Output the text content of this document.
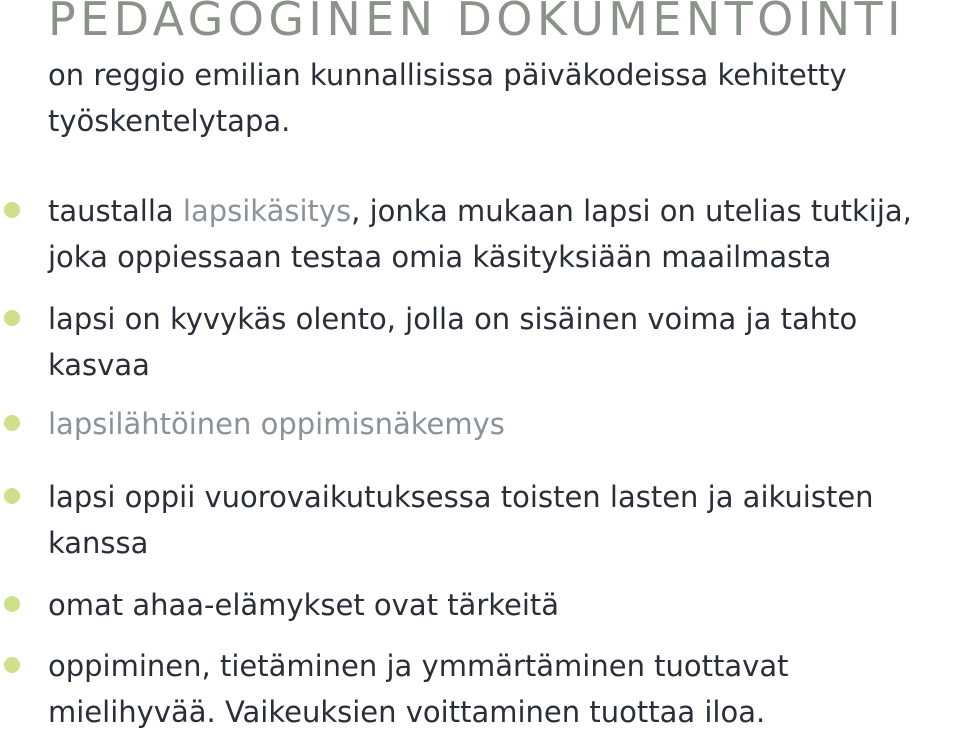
PEDAGOGINEN DOKUMENTOINTI

on reggio emilian kunnallisissa päiväkodeissa kehitetty työskentelytapa.

taustalla lapsikäsitys, jonka mukaan lapsi on utelias tutkija, joka oppiessaan testaa omia käsityksiään maailmasta
lapsi on kyvykäs olento, jolla on sisäinen voima ja tahto kasvaa
lapsilähtöinen oppimisnäkemys
lapsi oppii vuorovaikutuksessa toisten lasten ja aikuisten kanssa
omat ahaa-elämykset ovat tärkeitä
oppiminen, tietäminen ja ymmärtäminen tuottavat mielihyvää. Vaikeuksien voittaminen tuottaa iloa.
